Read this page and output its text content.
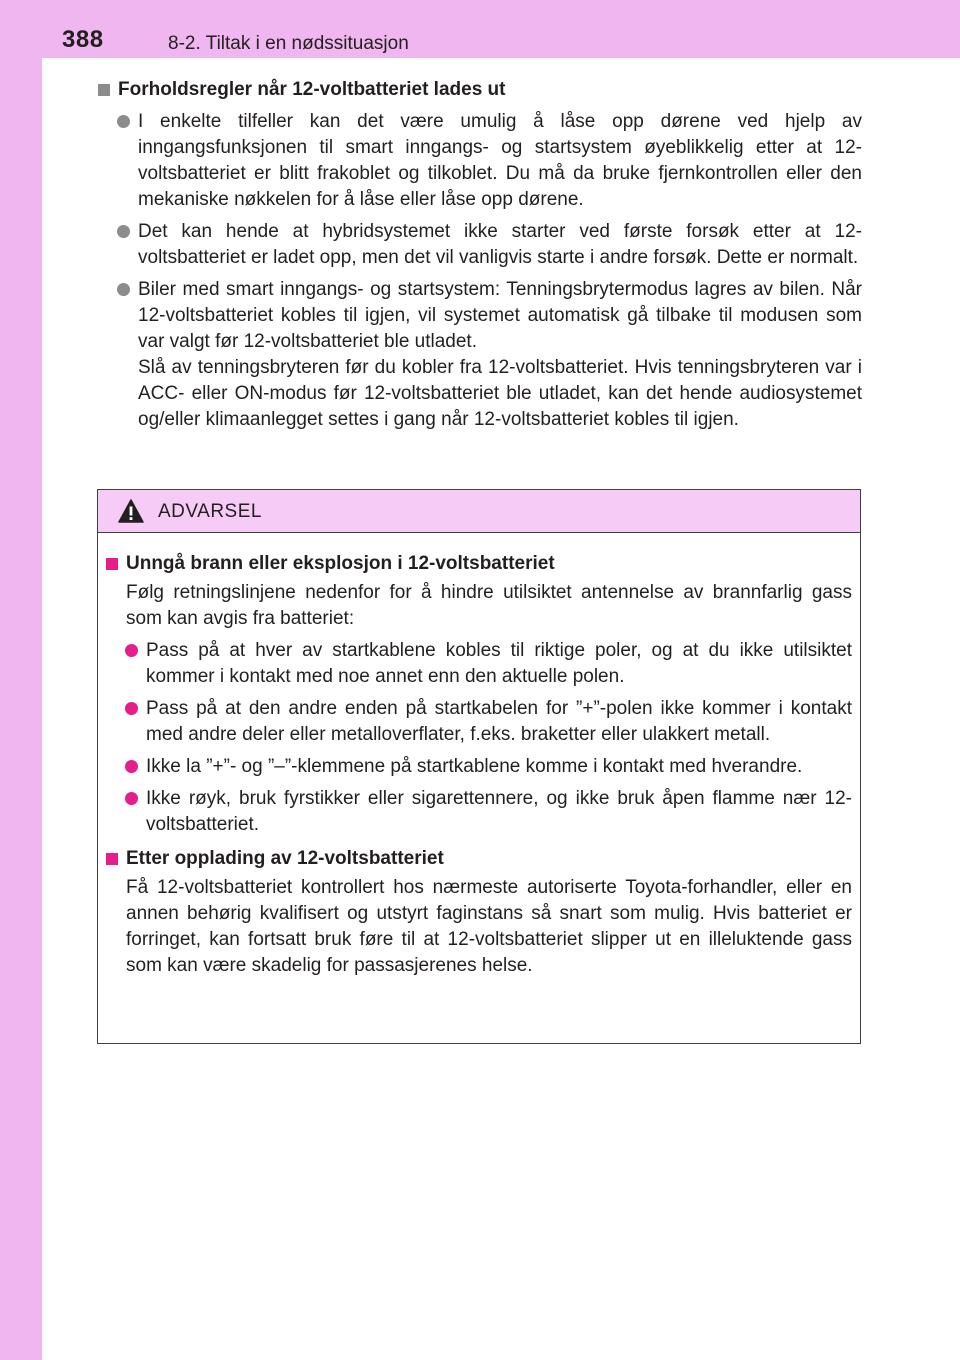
388	8-2. Tiltak i en nødssituasjon
Forholdsregler når 12-voltbatteriet lades ut

I enkelte tilfeller kan det være umulig å låse opp dørene ved hjelp av inngangsfunksjonen til smart inngangs- og startsystem øyeblikkelig etter at 12-voltsbatteriet er blitt frakoblet og tilkoblet. Du må da bruke fjernkontrollen eller den mekaniske nøkkelen for å låse eller låse opp dørene.

Det kan hende at hybridsystemet ikke starter ved første forsøk etter at 12-voltsbatteriet er ladet opp, men det vil vanligvis starte i andre forsøk. Dette er normalt.

Biler med smart inngangs- og startsystem: Tenningsbrytermodus lagres av bilen. Når 12-voltsbatteriet kobles til igjen, vil systemet automatisk gå tilbake til modusen som var valgt før 12-voltsbatteriet ble utladet.

Slå av tenningsbryteren før du kobler fra 12-voltsbatteriet. Hvis tenningsbryteren var i ACC- eller ON-modus før 12-voltsbatteriet ble utladet, kan det hende audiosystemet og/eller klimaanlegget settes i gang når 12-voltsbatteriet kobles til igjen.

ADVARSEL
Unngå brann eller eksplosjon i 12-voltsbatteriet
Følg retningslinjene nedenfor for å hindre utilsiktet antennelse av brannfarlig gass som kan avgis fra batteriet:
Pass på at hver av startkablene kobles til riktige poler, og at du ikke utilsiktet kommer i kontakt med noe annet enn den aktuelle polen.
Pass på at den andre enden på startkabelen for ”+”-polen ikke kommer i kontakt med andre deler eller metalloverflater, f.eks. braketter eller ulakkert metall.
Ikke la ”+”- og ”–”-klemmene på startkablene komme i kontakt med hverandre.
Ikke røyk, bruk fyrstikker eller sigarettennere, og ikke bruk åpen flamme nær 12-voltsbatteriet.
Etter opplading av 12-voltsbatteriet
Få 12-voltsbatteriet kontrollert hos nærmeste autoriserte Toyota-forhandler, eller en annen behørig kvalifisert og utstyrt faginstans så snart som mulig. Hvis batteriet er forringet, kan fortsatt bruk føre til at 12-voltsbatteriet slipper ut en illeluktende gass som kan være skadelig for passasjerenes helse.
